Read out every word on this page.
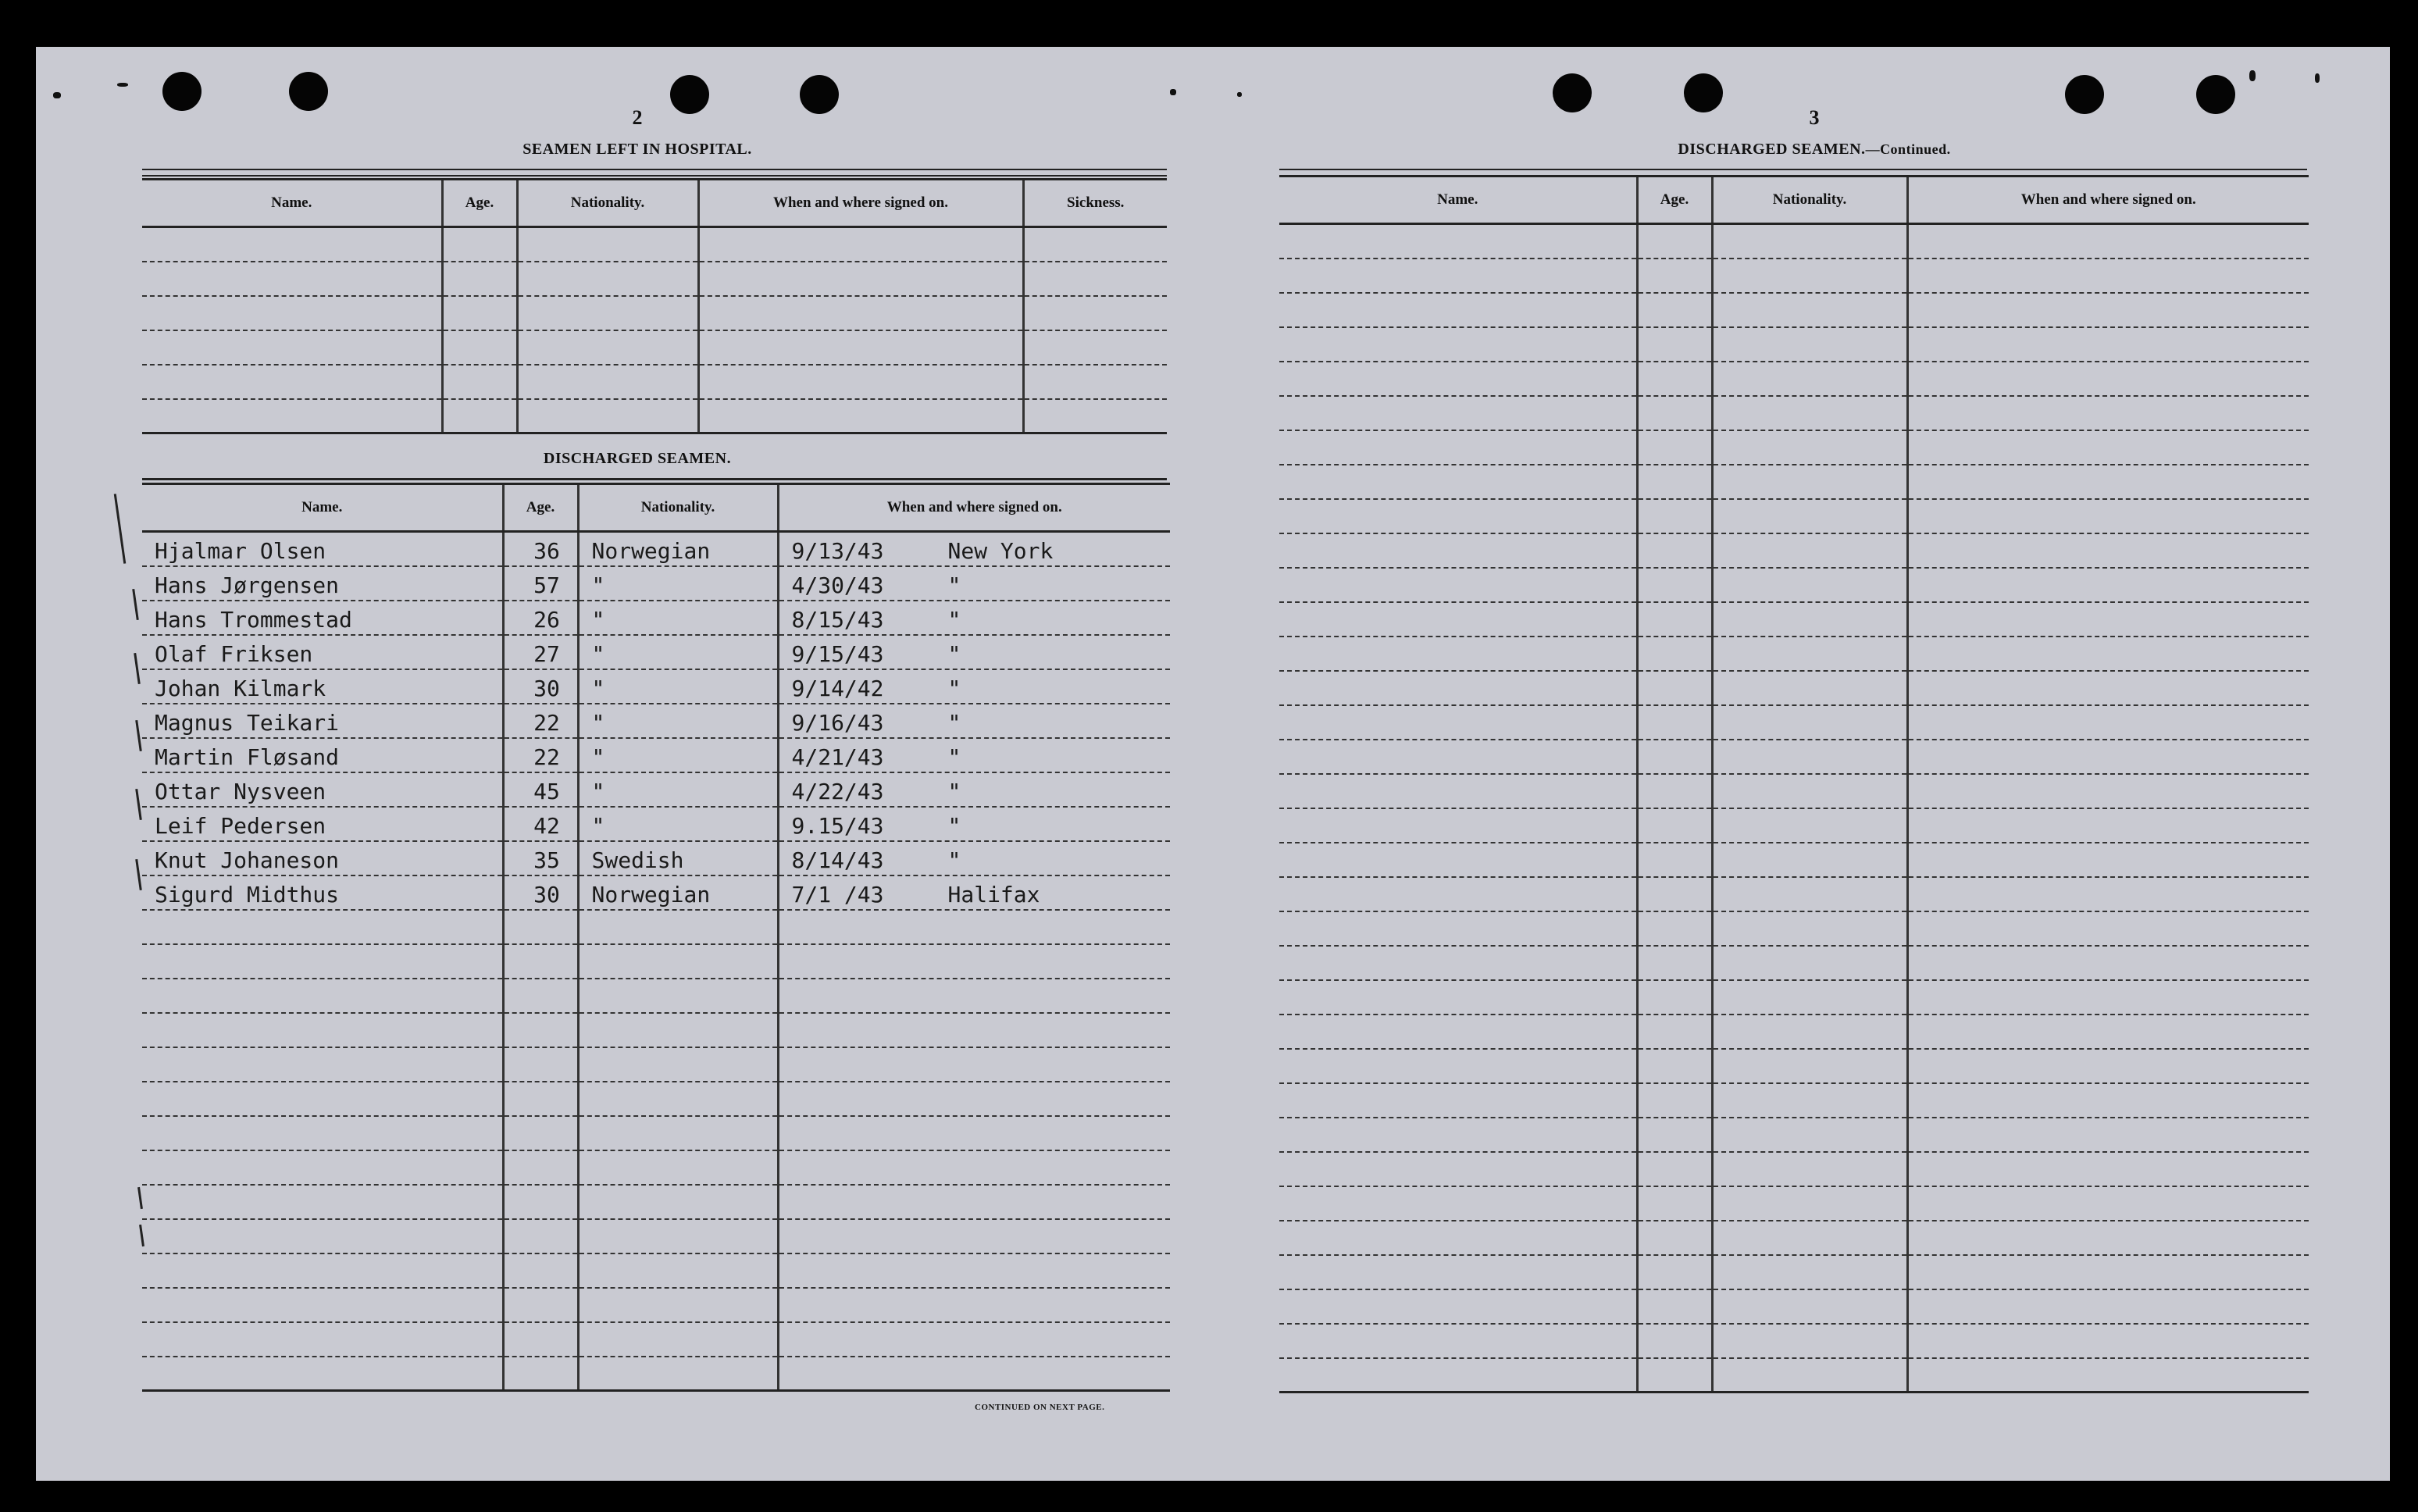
2
SEAMEN LEFT IN HOSPITAL.
Name.	Age.	Nationality.	When and where signed on.	Sickness.

DISCHARGED SEAMEN.
Name.	Age.	Nationality.	When and where signed on.
Hjalmar Olsen	36	Norwegian	9/13/43 New York
Hans Jørgensen	57	"	4/30/43 "
Hans Trommestad	26	"	8/15/43 "
Olaf Friksen	27	"	9/15/43 "
Johan Kilmark	30	"	9/14/42 "
Magnus Teikari	22	"	9/16/43 "
Martin Fløsand	22	"	4/21/43 "
Ottar Nysveen	45	"	4/22/43 "
Leif Pedersen	42	"	9.15/43 "
Knut Johaneson	35	Swedish	8/14/43 "
Sigurd Midthus	30	Norwegian	7/1 /43 Halifax

CONTINUED ON NEXT PAGE.
3
DISCHARGED SEAMEN.—Continued.
Name.	Age.	Nationality.	When and where signed on.
